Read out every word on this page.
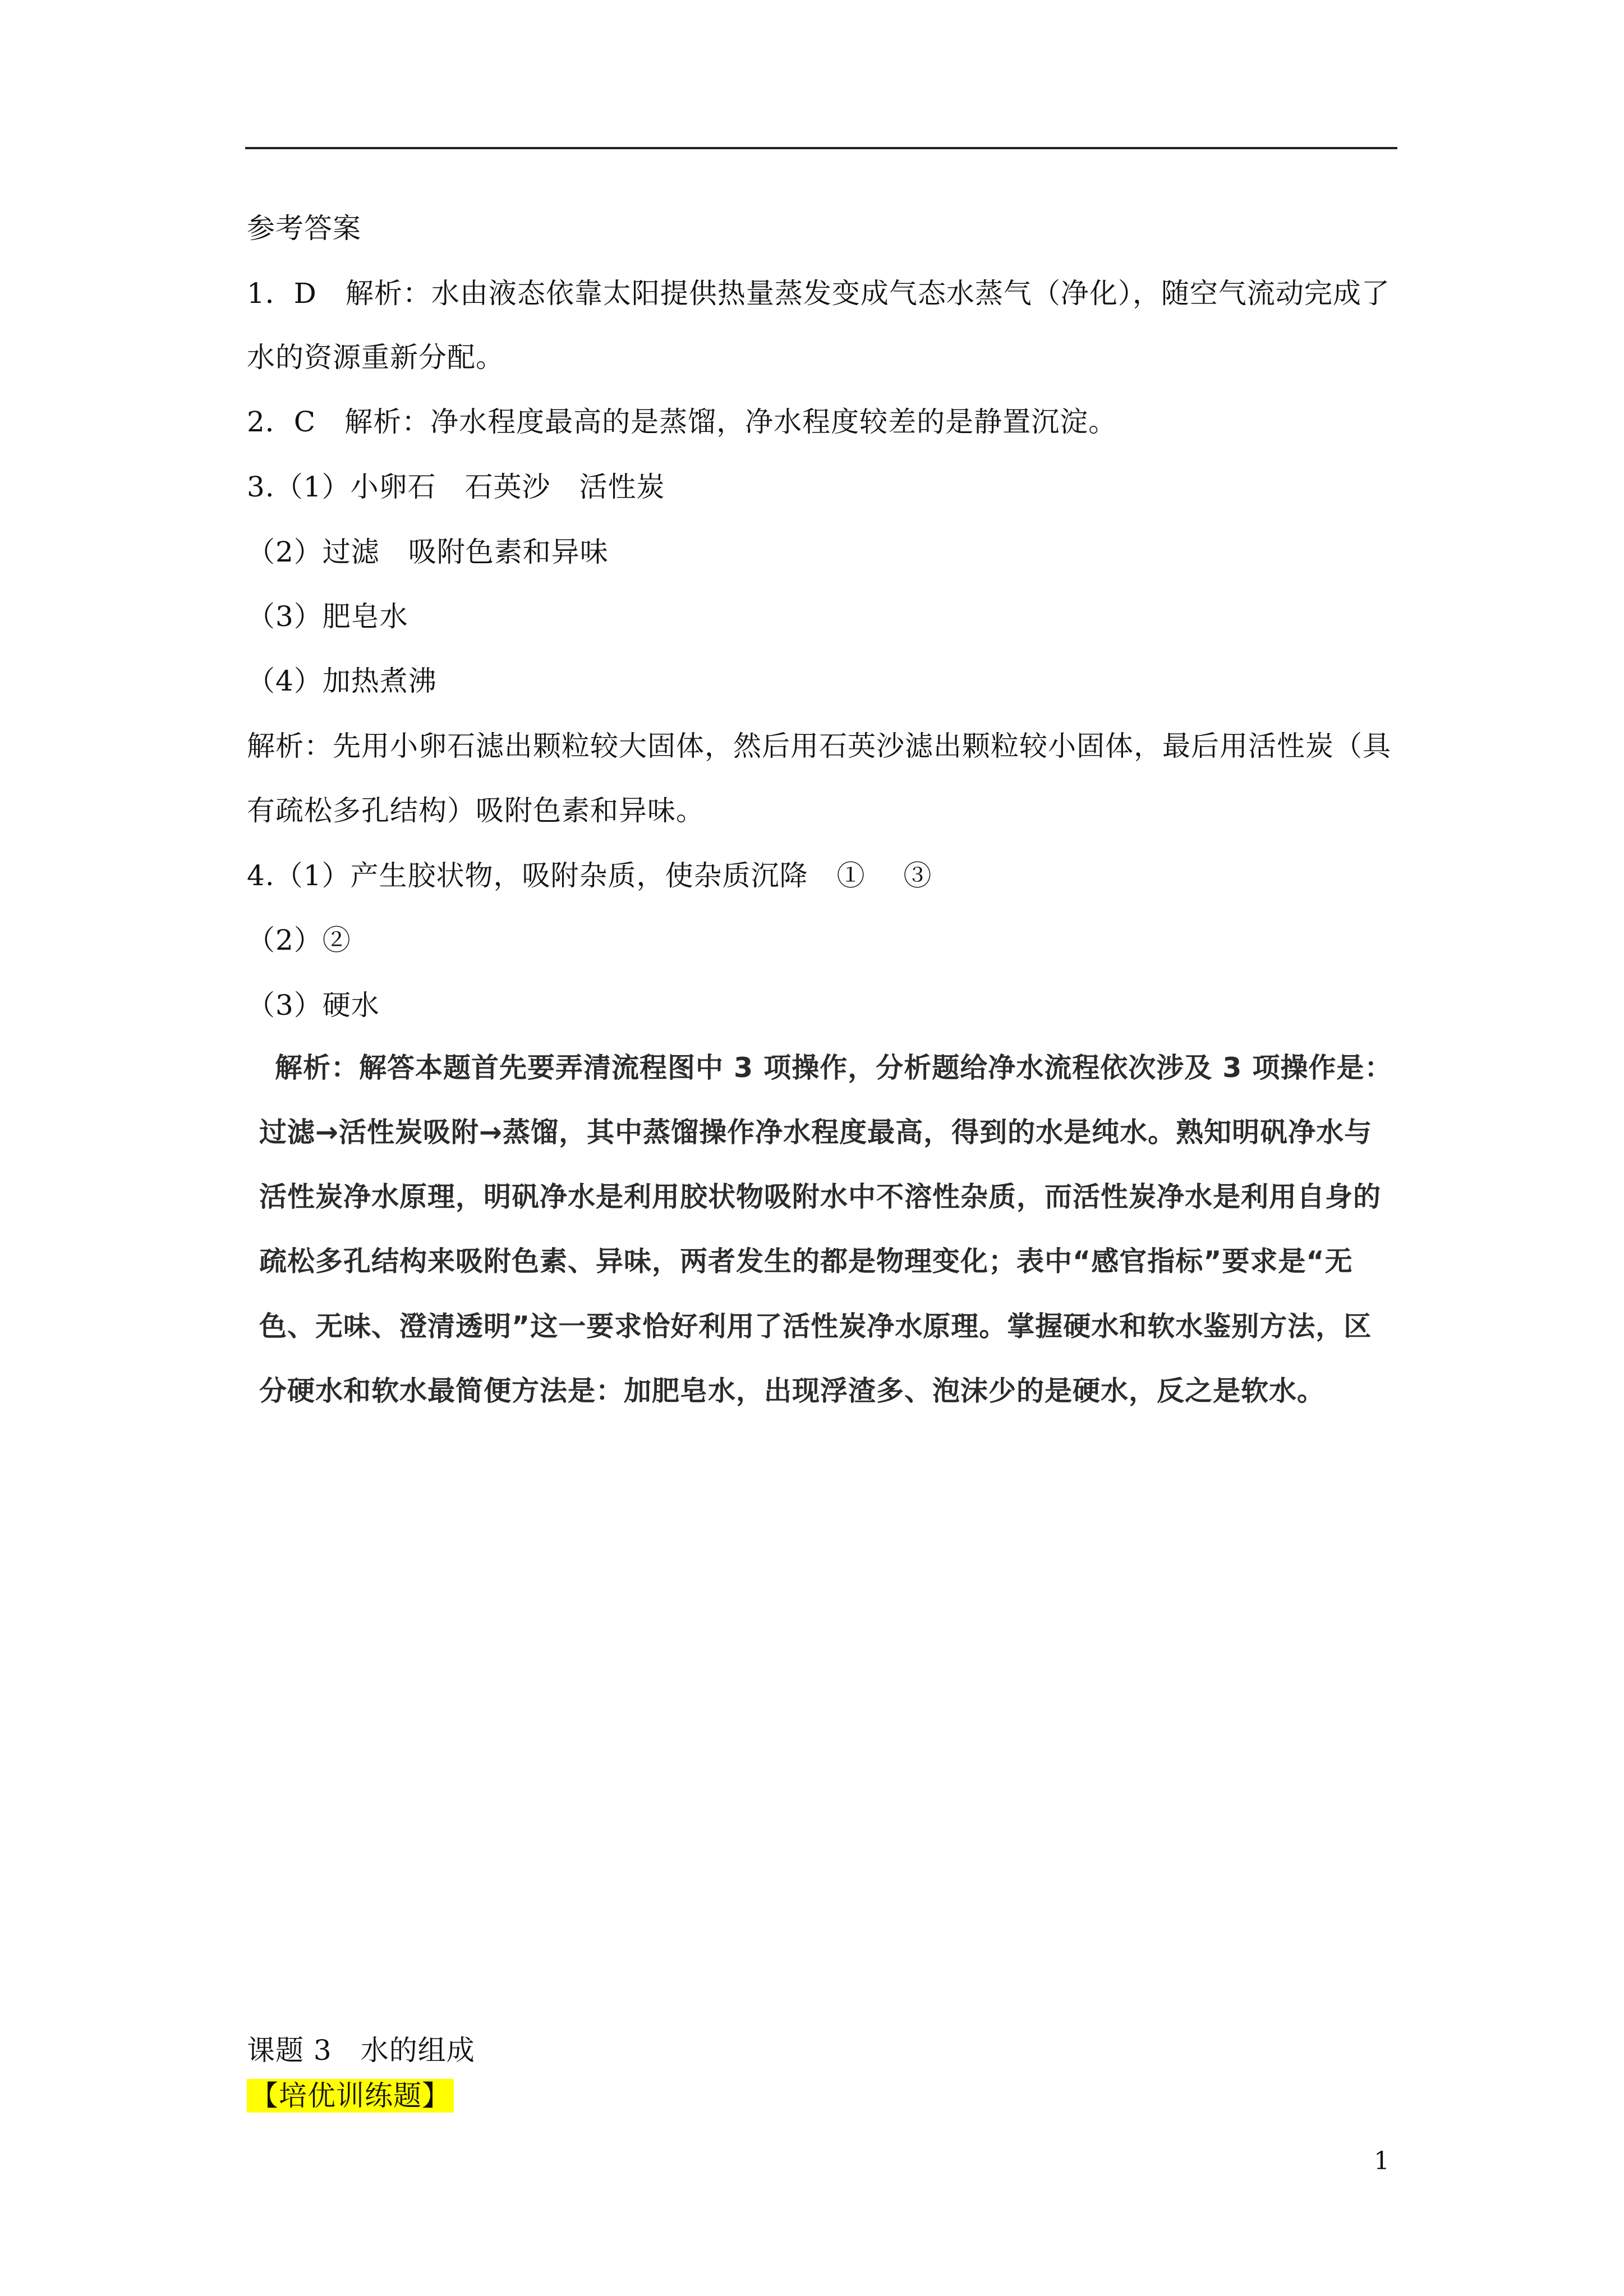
参考答案
1．D　解析：水由液态依靠太阳提供热量蒸发变成气态水蒸气（净化），随空气流动完成了
水的资源重新分配。
2．C　解析：净水程度最高的是蒸馏，净水程度较差的是静置沉淀。
3.（1）小卵石　石英沙　活性炭
（2）过滤　吸附色素和异味
（3）肥皂水
（4）加热煮沸
解析：先用小卵石滤出颗粒较大固体，然后用石英沙滤出颗粒较小固体，最后用活性炭（具
有疏松多孔结构）吸附色素和异味。
4.（1）产生胶状物，吸附杂质，使杂质沉降　①　 ③
（2）②
（3）硬水
解析：解答本题首先要弄清流程图中 3 项操作，分析题给净水流程依次涉及 3 项操作是：
过滤→活性炭吸附→蒸馏，其中蒸馏操作净水程度最高，得到的水是纯水。熟知明矾净水与
活性炭净水原理，明矾净水是利用胶状物吸附水中不溶性杂质，而活性炭净水是利用自身的
疏松多孔结构来吸附色素、异味，两者发生的都是物理变化；表中“感官指标”要求是“无
色、无味、澄清透明”这一要求恰好利用了活性炭净水原理。掌握硬水和软水鉴别方法，区
分硬水和软水最简便方法是：加肥皂水，出现浮渣多、泡沫少的是硬水，反之是软水。
课题 3　水的组成
【培优训练题】
1
